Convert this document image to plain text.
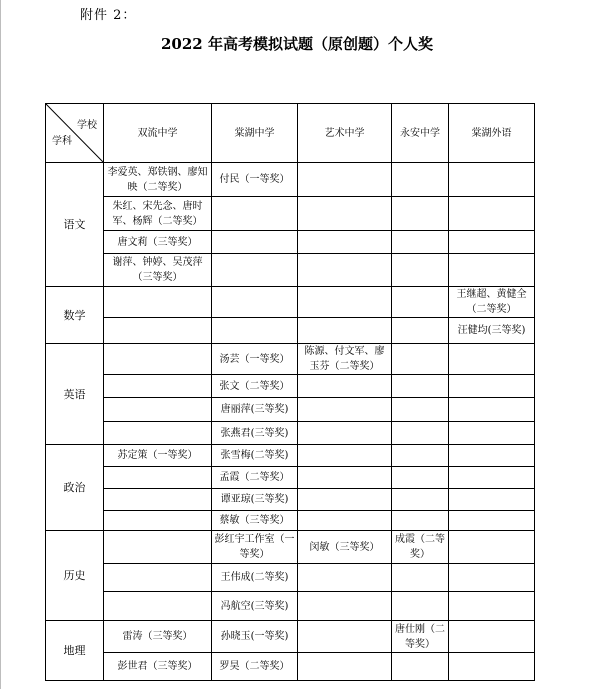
附件 2：
2022 年高考模拟试题（原创题）个人奖
学校
学科	双流中学	棠湖中学	艺术中学	永安中学	棠湖外语
语文	李爱英、郑铁钢、廖知映（二等奖）	付民（一等奖）			
	朱红、宋先念、唐时军、杨辉（二等奖）				
	唐文莉（三等奖）				
	谢萍、钟婷、吴茂萍（三等奖）				
数学					王继超、黄健全（二等奖）
					汪健均(三等奖)
英语		汤芸（一等奖）	陈源、付文军、廖玉芬（二等奖）		
		张文（二等奖）			
		唐丽萍(三等奖)			
		张燕君(三等奖)			
政治	苏定策（一等奖）	张雪梅(二等奖)			
		孟霞（二等奖）			
		谭亚琼(三等奖)			
		蔡敏（三等奖）			
历史		彭红宇工作室（一等奖）	闵敏（三等奖）	成霞（二等奖）	
		王伟成(二等奖)			
		冯航空(三等奖)			
地理	雷涛（三等奖）	孙晓玉(一等奖)		唐仕刚（二等奖）	
	彭世君（三等奖）	罗昊（二等奖）			
